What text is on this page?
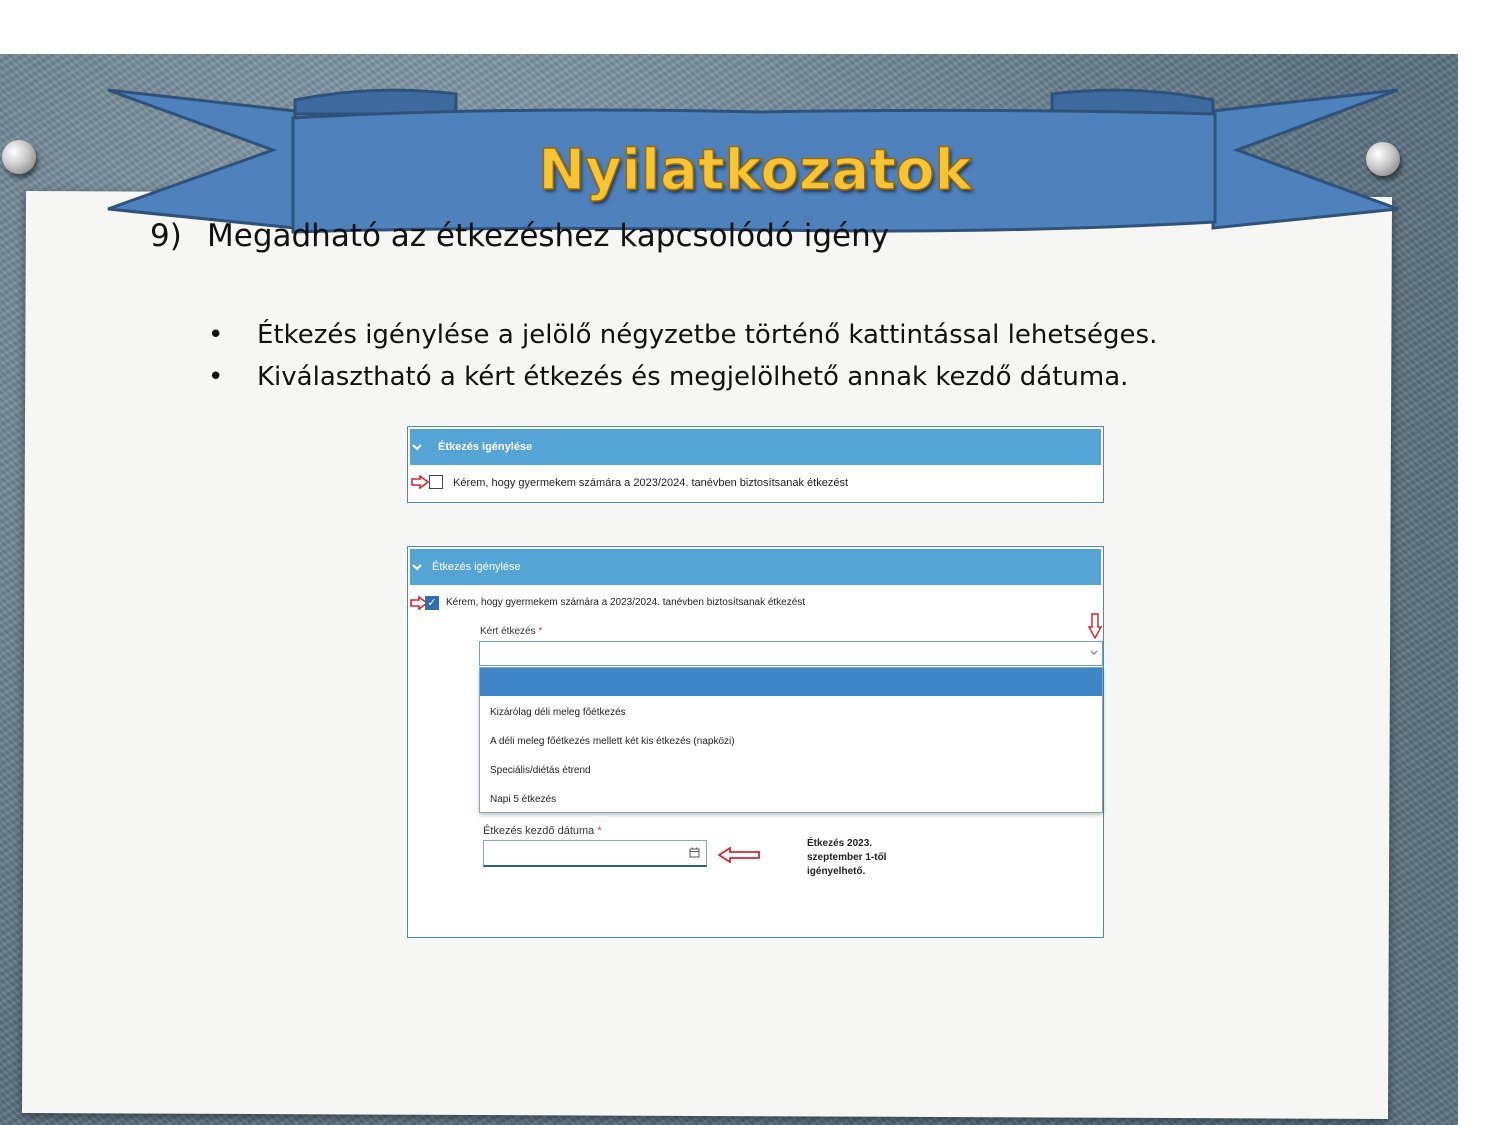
Nyilatkozatok
9) Megadható az étkezéshez kapcsolódó igény
• Étkezés igénylése a jelölő négyzetbe történő kattintással lehetséges.
• Kiválasztható a kért étkezés és megjelölhető annak kezdő dátuma.
Étkezés igénylése
Kérem, hogy gyermekem számára a 2023/2024. tanévben biztosítsanak étkezést
Étkezés igénylése
✓ Kérem, hogy gyermekem számára a 2023/2024. tanévben biztosítsanak étkezést
Kért étkezés *
Kizárólag déli meleg főétkezés
A déli meleg főétkezés mellett két kis étkezés (napközi)
Speciális/diétás étrend
Napi 5 étkezés
Étkezés kezdő dátuma *
Étkezés 2023.
szeptember 1-től
igényelhető.
